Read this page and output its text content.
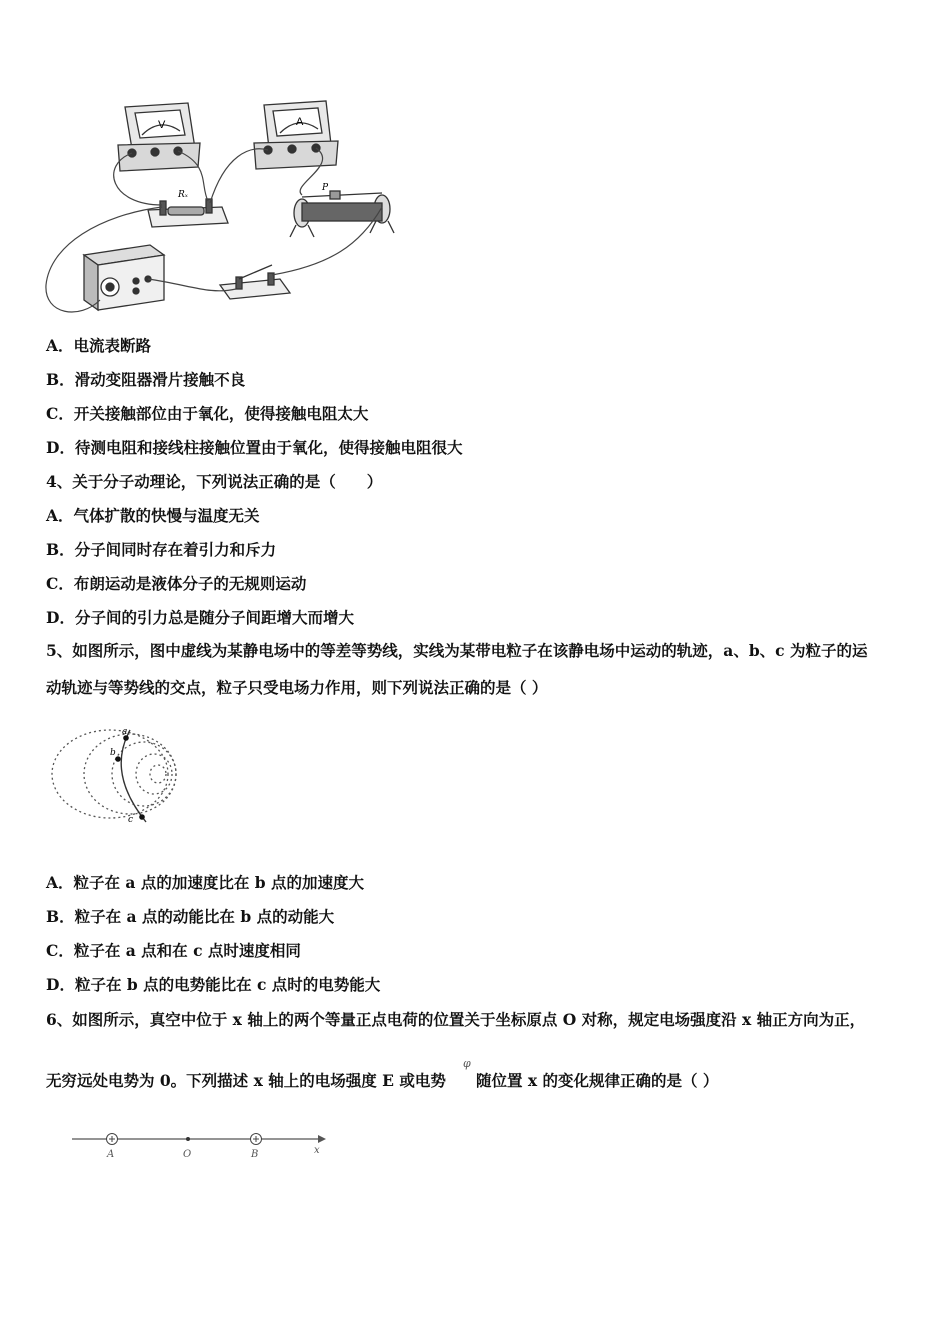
V	A
Rₓ
P
A．电流表断路
B．滑动变阻器滑片接触不良
C．开关接触部位由于氧化，使得接触电阻太大
D．待测电阻和接线柱接触位置由于氧化，使得接触电阻很大
4、关于分子动理论，下列说法正确的是（　　）
A．气体扩散的快慢与温度无关
B．分子间同时存在着引力和斥力
C．布朗运动是液体分子的无规则运动
D．分子间的引力总是随分子间距增大而增大
5、如图所示，图中虚线为某静电场中的等差等势线，实线为某带电粒子在该静电场中运动的轨迹，a、b、c 为粒子的运
动轨迹与等势线的交点，粒子只受电场力作用，则下列说法正确的是（ ）
a
b
c
A．粒子在 a 点的加速度比在 b 点的加速度大
B．粒子在 a 点的动能比在 b 点的动能大
C．粒子在 a 点和在 c 点时速度相同
D．粒子在 b 点的电势能比在 c 点时的电势能大
6、如图所示，真空中位于 x 轴上的两个等量正点电荷的位置关于坐标原点 O 对称，规定电场强度沿 x 轴正方向为正，
无穷远处电势为 0。下列描述 x 轴上的电场强度 E 或电势
φ
随位置 x 的变化规律正确的是（ ）
A	O	B	x
